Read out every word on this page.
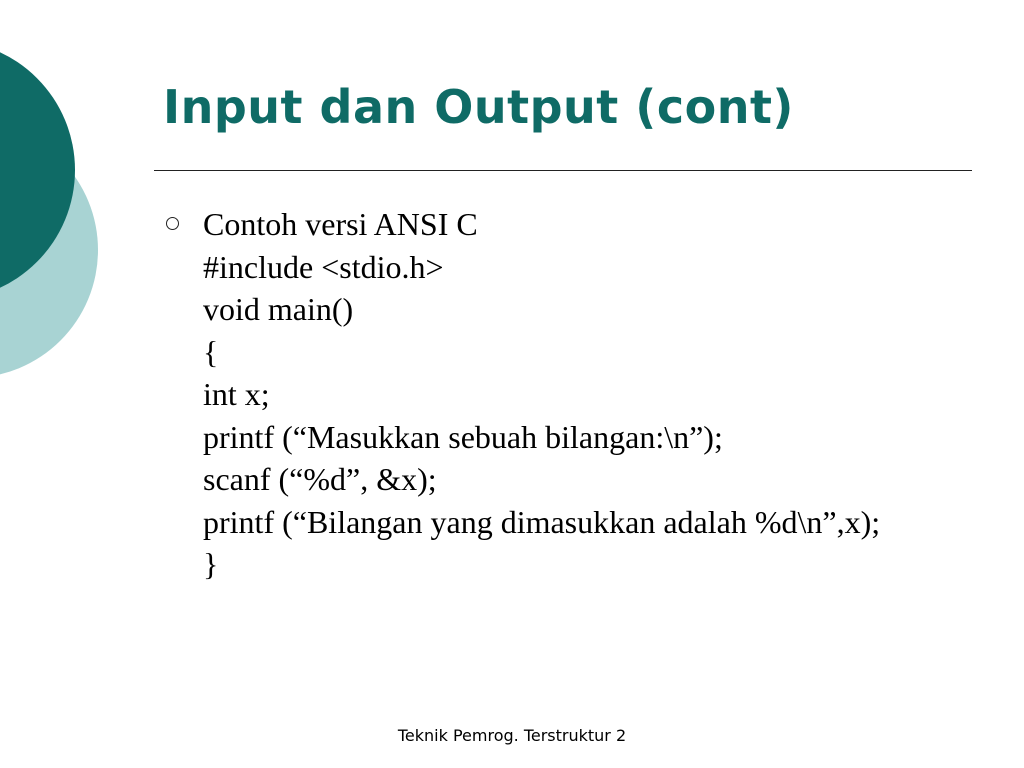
Input dan Output (cont)
Contoh versi ANSI C
#include <stdio.h>
void main()
{
int x;
printf (“Masukkan sebuah bilangan:\n”);
scanf (“%d”, &x);
printf (“Bilangan yang dimasukkan adalah %d\n”,x);
}
Teknik Pemrog. Terstruktur 2
